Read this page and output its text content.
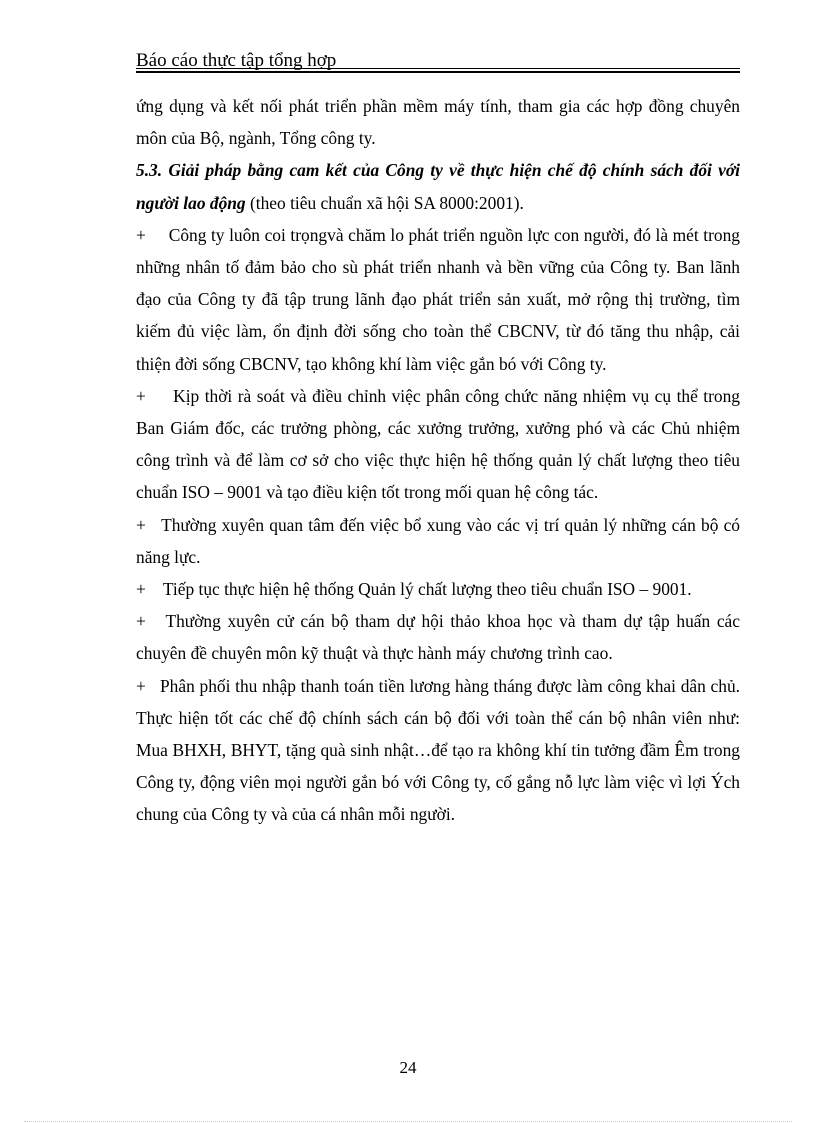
Báo cáo thực tập tổng hợp

ứng dụng và kết nối phát triển phần mềm máy tính, tham gia các hợp đồng chuyên môn của Bộ, ngành, Tổng công ty.

5.3. Giải pháp bằng cam kết của Công ty về thực hiện chế độ chính sách đối với người lao động (theo tiêu chuẩn xã hội SA 8000:2001).

+     Công ty luôn coi trọngvà chăm lo phát triển nguồn lực con người, đó là mét trong những nhân tố đảm bảo cho sù phát triển nhanh và bền vững của Công ty. Ban lãnh đạo của Công ty đã tập trung lãnh đạo phát triển sản xuất, mở rộng thị trường, tìm kiếm đủ việc làm, ổn định đời sống cho toàn thể CBCNV, từ đó tăng thu nhập, cải thiện đời sống CBCNV, tạo không khí làm việc gắn bó với Công ty.

+     Kịp thời rà soát và điều chỉnh việc phân công chức năng nhiệm vụ cụ thể trong Ban Giám đốc, các trưởng phòng, các xưởng trưởng, xưởng phó và các Chủ nhiệm công trình và để làm cơ sở cho việc thực hiện hệ thống quản lý chất lượng theo tiêu chuẩn ISO – 9001 và tạo điều kiện tốt trong mối quan hệ công tác.

+   Thường xuyên quan tâm đến việc bổ xung vào các vị trí quản lý những cán bộ có năng lực.

+    Tiếp tục thực hiện hệ thống Quản lý chất lượng theo tiêu chuẩn ISO – 9001.

+   Thường xuyên cử cán bộ tham dự hội thảo khoa học và tham dự tập huấn các chuyên đề chuyên môn kỹ thuật và thực hành máy chương trình cao.

+   Phân phối thu nhập thanh toán tiền lương hàng tháng được làm công khai dân chủ. Thực hiện tốt các chế độ chính sách cán bộ đối với toàn thể cán bộ nhân viên như: Mua BHXH, BHYT, tặng quà sinh nhật…để tạo ra không khí tin tưởng đầm Êm trong Công ty, động viên mọi người gắn bó với Công ty, cố gắng nỗ lực làm việc vì lợi Ých chung của Công ty và của cá nhân mỗi người.

24
